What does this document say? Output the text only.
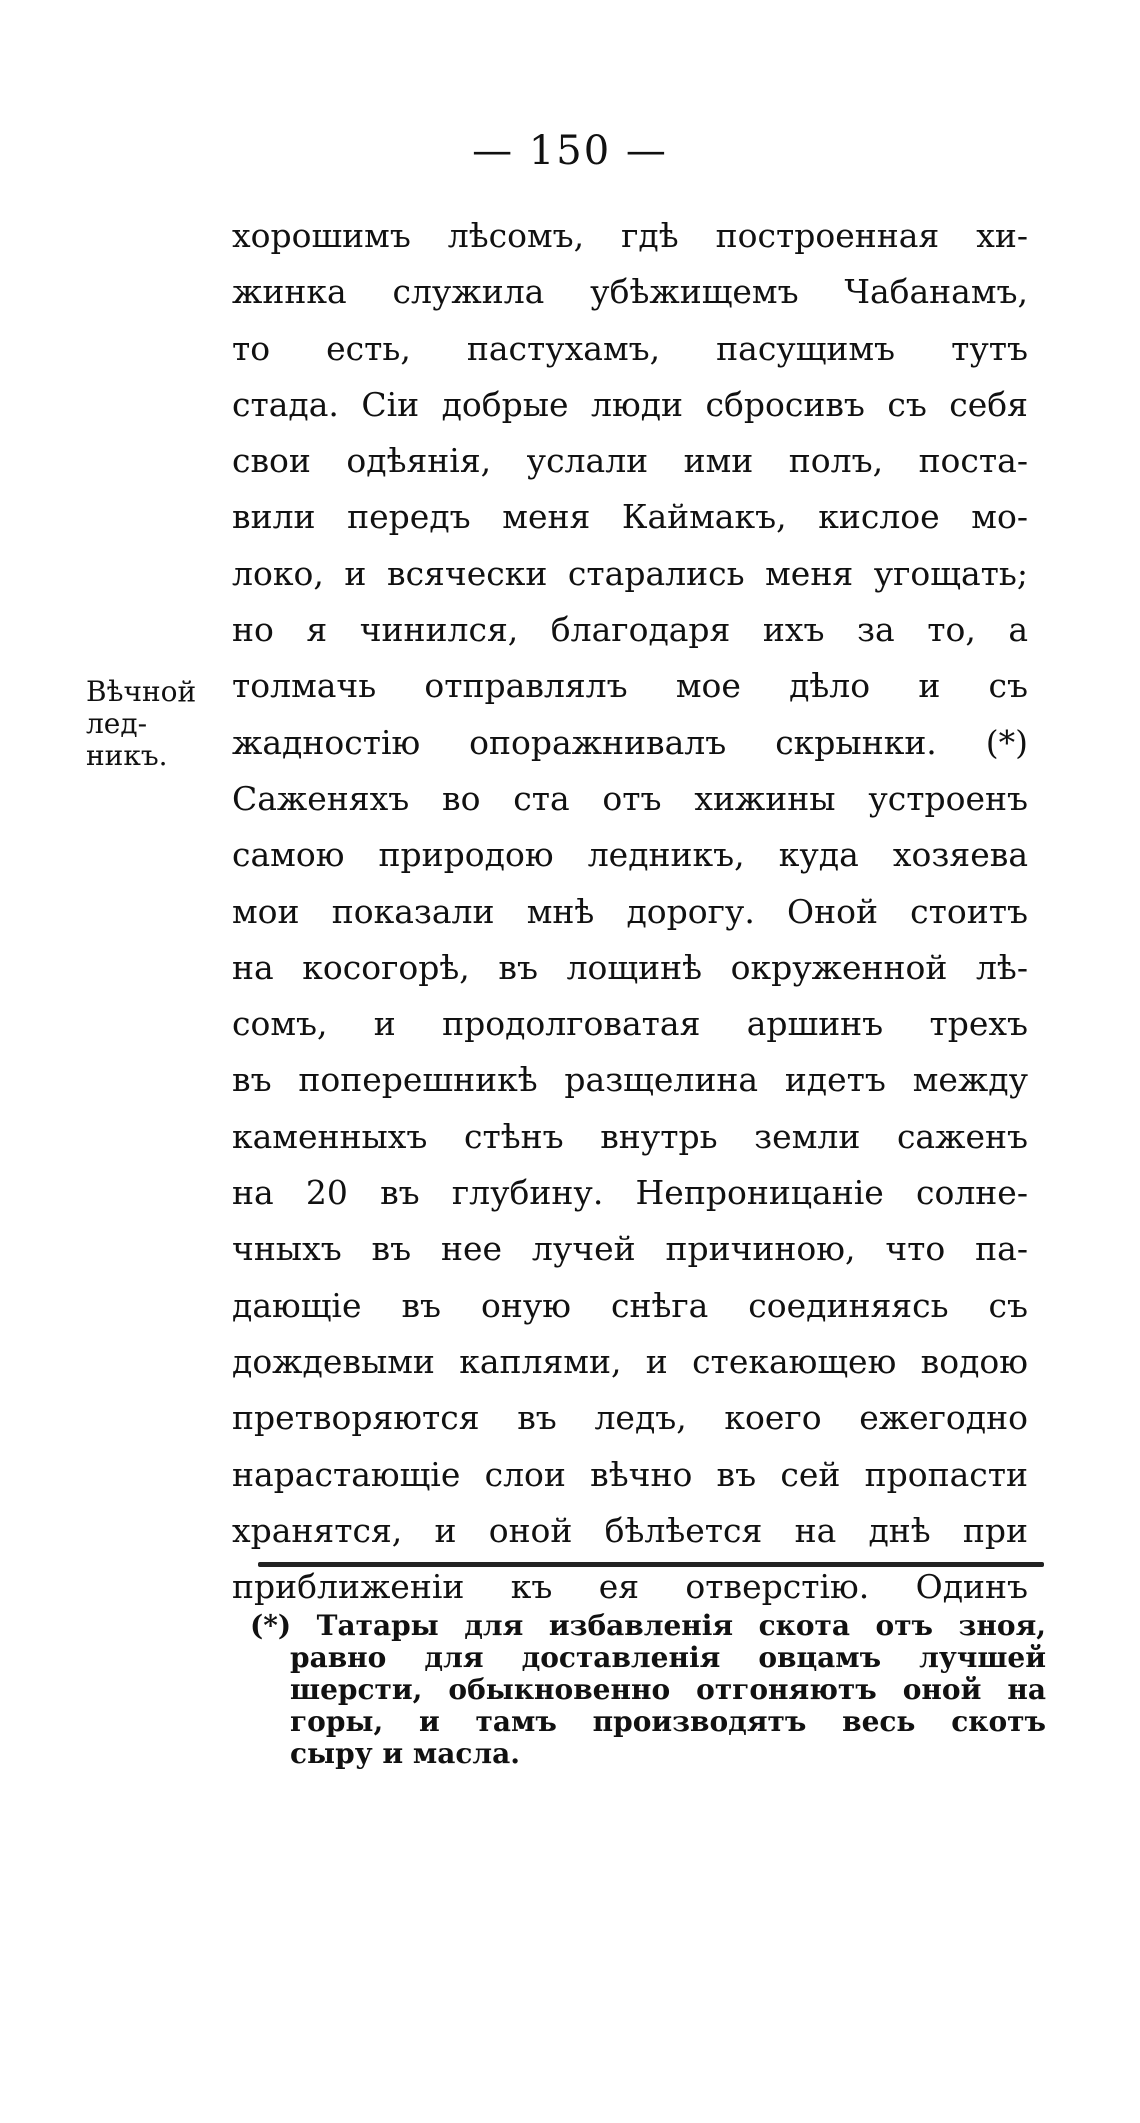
— 150 —
Вѣчной
лед-
никъ.
хорошимъ лѣсомъ, гдѣ построенная хи-
жинка служила убѣжищемъ Чабанамъ,
то есть, пастухамъ, пасущимъ тутъ
стада. Сіи добрые люди сбросивъ съ себя
свои одѣянія, услали ими полъ, поста-
вили передъ меня Каймакъ, кислое мо-
локо, и всячески старались меня угощать;
но я чинился, благодаря ихъ за то, а
толмачь отправлялъ мое дѣло и съ
жадностію опоражнивалъ скрынки. (*)
Саженяхъ во ста отъ хижины устроенъ
самою природою ледникъ, куда хозяева
мои показали мнѣ дорогу. Оной стоитъ
на косогорѣ, въ лощинѣ окруженной лѣ-
сомъ, и продолговатая аршинъ трехъ
въ поперешникѣ разщелина идетъ между
каменныхъ стѣнъ внутрь земли саженъ
на 20 въ глубину. Непроницаніе солне-
чныхъ въ нее лучей причиною, что па-
дающіе въ оную снѣга соединяясь съ
дождевыми каплями, и стекающею водою
претворяются въ ледъ, коего ежегодно
нарастающіе слои вѣчно въ сей пропасти
хранятся, и оной бѣлѣется на днѣ при
приближеніи къ ея отверстію. Одинъ
(*) Татары для избавленія скота отъ зноя,
равно для доставленія овцамъ лучшей
шерсти, обыкновенно отгоняютъ оной на
горы, и тамъ производятъ весь скотъ
сыру и масла.
